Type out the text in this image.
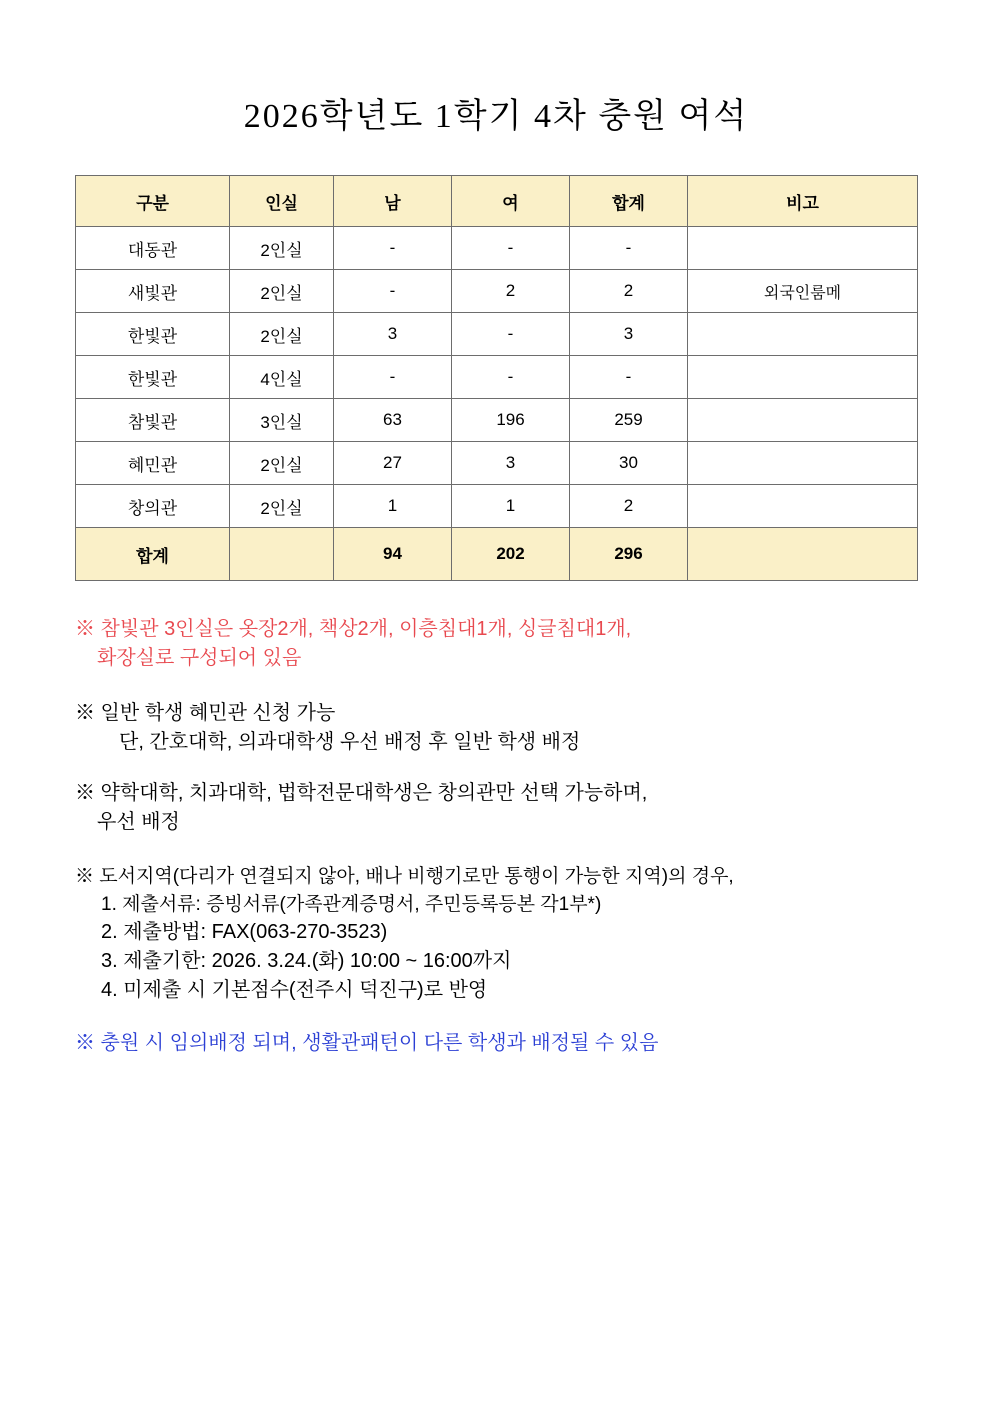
2026학년도 1학기 4차 충원 여석
구분	인실	남	여	합계	비고
대동관	2인실	-	-	-	
새빛관	2인실	-	2	2	외국인룸메
한빛관	2인실	3	-	3	
한빛관	4인실	-	-	-	
참빛관	3인실	63	196	259	
혜민관	2인실	27	3	30	
창의관	2인실	1	1	2	
합계		94	202	296	
※ 참빛관 3인실은 옷장2개, 책상2개, 이층침대1개, 싱글침대1개,
화장실로 구성되어 있음
※ 일반 학생 혜민관 신청 가능
단, 간호대학, 의과대학생 우선 배정 후 일반 학생 배정
※ 약학대학, 치과대학, 법학전문대학생은 창의관만 선택 가능하며,
우선 배정
※ 도서지역(다리가 연결되지 않아, 배나 비행기로만 통행이 가능한 지역)의 경우,
1. 제출서류: 증빙서류(가족관계증명서, 주민등록등본 각1부*)
2. 제출방법: FAX(063-270-3523)
3. 제출기한: 2026. 3.24.(화) 10:00 ~ 16:00까지
4. 미제출 시 기본점수(전주시 덕진구)로 반영
※ 충원 시 임의배정 되며, 생활관패턴이 다른 학생과 배정될 수 있음
